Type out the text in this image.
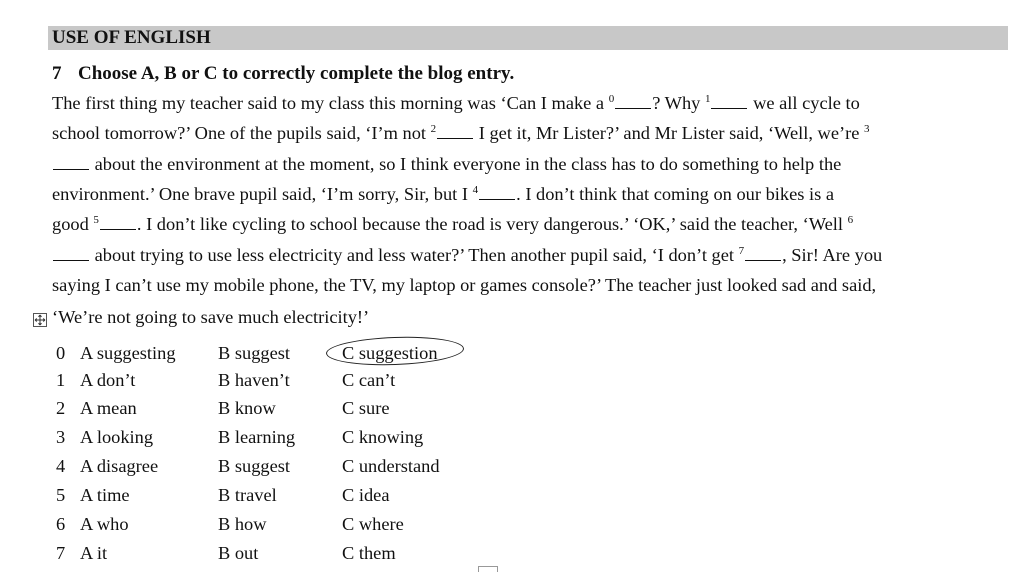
USE OF ENGLISH
7 Choose A, B or C to correctly complete the blog entry.
The first thing my teacher said to my class this morning was ‘Can I make a $^0$ ? Why $^1$ we all cycle to
school tomorrow?’ One of the pupils said, ‘I’m not $^2$ I get it, Mr Lister?’ and Mr Lister said, ‘Well, we’re $^3$
about the environment at the moment, so I think everyone in the class has to do something to help the
environment.’ One brave pupil said, ‘I’m sorry, Sir, but I $^4$ . I don’t think that coming on our bikes is a
good $^5$ . I don’t like cycling to school because the road is very dangerous.’ ‘OK,’ said the teacher, ‘Well $^6$
about trying to use less electricity and less water?’ Then another pupil said, ‘I don’t get $^7$ , Sir! Are you
saying I can’t use my mobile phone, the TV, my laptop or games console?’ The teacher just looked sad and said,
‘We’re not going to save much electricity!’
0 A suggesting B suggest	C suggestion
1 A don’t	B haven’t	C can’t
2 A mean	B know	C sure
3 A looking	B learning	C knowing
4 A disagree	B suggest	C understand
5 A time	B travel	C idea
6 A who	B how	C where
7 A it	B out	C them
